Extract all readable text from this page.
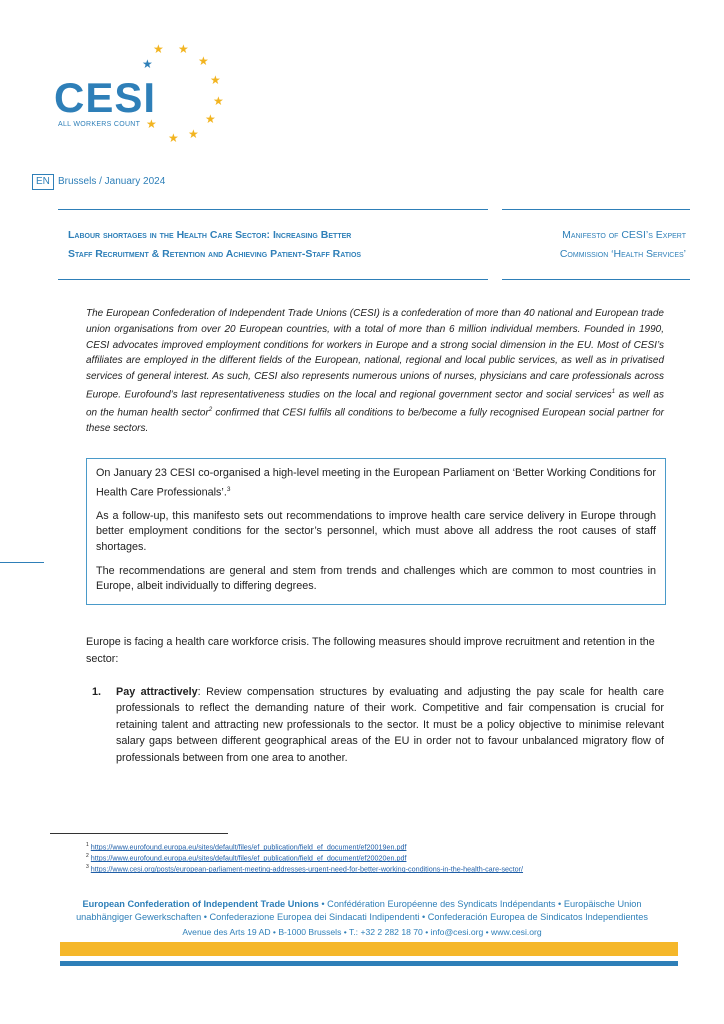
★ ★
★
★
★
★
★
★
★
★
CESI
ALL WORKERS COUNT
EN Brussels / January 2024
Labour shortages in the Health Care Sector: Increasing Better
Staff Recruitment & Retention and Achieving Patient-Staff Ratios
Manifesto of CESI’s Expert
Commission ‘Health Services’
The European Confederation of Independent Trade Unions (CESI) is a confederation of more than 40 national and European trade union organisations from over 20 European countries, with a total of more than 6 million individual members. Founded in 1990, CESI advocates improved employment conditions for workers in Europe and a strong social dimension in the EU. Most of CESI’s affiliates are employed in the different fields of the European, national, regional and local public services, as well as in privatised services of general interest. As such, CESI also represents numerous unions of nurses, physicians and care professionals across Europe. Eurofound’s last representativeness studies on the local and regional government sector and social services$^1$ as well as on the human health sector$^2$ confirmed that CESI fulfils all conditions to be/become a fully recognised European social partner for these sectors.

On January 23 CESI co-organised a high-level meeting in the European Parliament on ‘Better Working Conditions for Health Care Professionals’.$^3$

As a follow-up, this manifesto sets out recommendations to improve health care service delivery in Europe through better employment conditions for the sector’s personnel, which must above all address the root causes of staff shortages.

The recommendations are general and stem from trends and challenges which are common to most countries in Europe, albeit individually to differing degrees.

Europe is facing a health care workforce crisis. The following measures should improve recruitment and retention in the sector:
1. Pay attractively: Review compensation structures by evaluating and adjusting the pay scale for health care professionals to reflect the demanding nature of their work. Competitive and fair compensation is crucial for retaining talent and attracting new professionals to the sector. It must be a policy objective to minimise relevant salary gaps between different geographical areas of the EU in order not to favour unbalanced migratory flow of professionals between from one area to another.
$^1$ https://www.eurofound.europa.eu/sites/default/files/ef_publication/field_ef_document/ef20019en.pdf
$^2$ https://www.eurofound.europa.eu/sites/default/files/ef_publication/field_ef_document/ef20020en.pdf
$^3$ https://www.cesi.org/posts/european-parliament-meeting-addresses-urgent-need-for-better-working-conditions-in-the-health-care-sector/
European Confederation of Independent Trade Unions • Confédération Européenne des Syndicats Indépendants • Europäische Union unabhängiger Gewerkschaften • Confederazione Europea dei Sindacati Indipendenti • Confederación Europea de Sindicatos Independientes
Avenue des Arts 19 AD • B-1000 Brussels • T.: +32 2 282 18 70 • info@cesi.org • www.cesi.org
